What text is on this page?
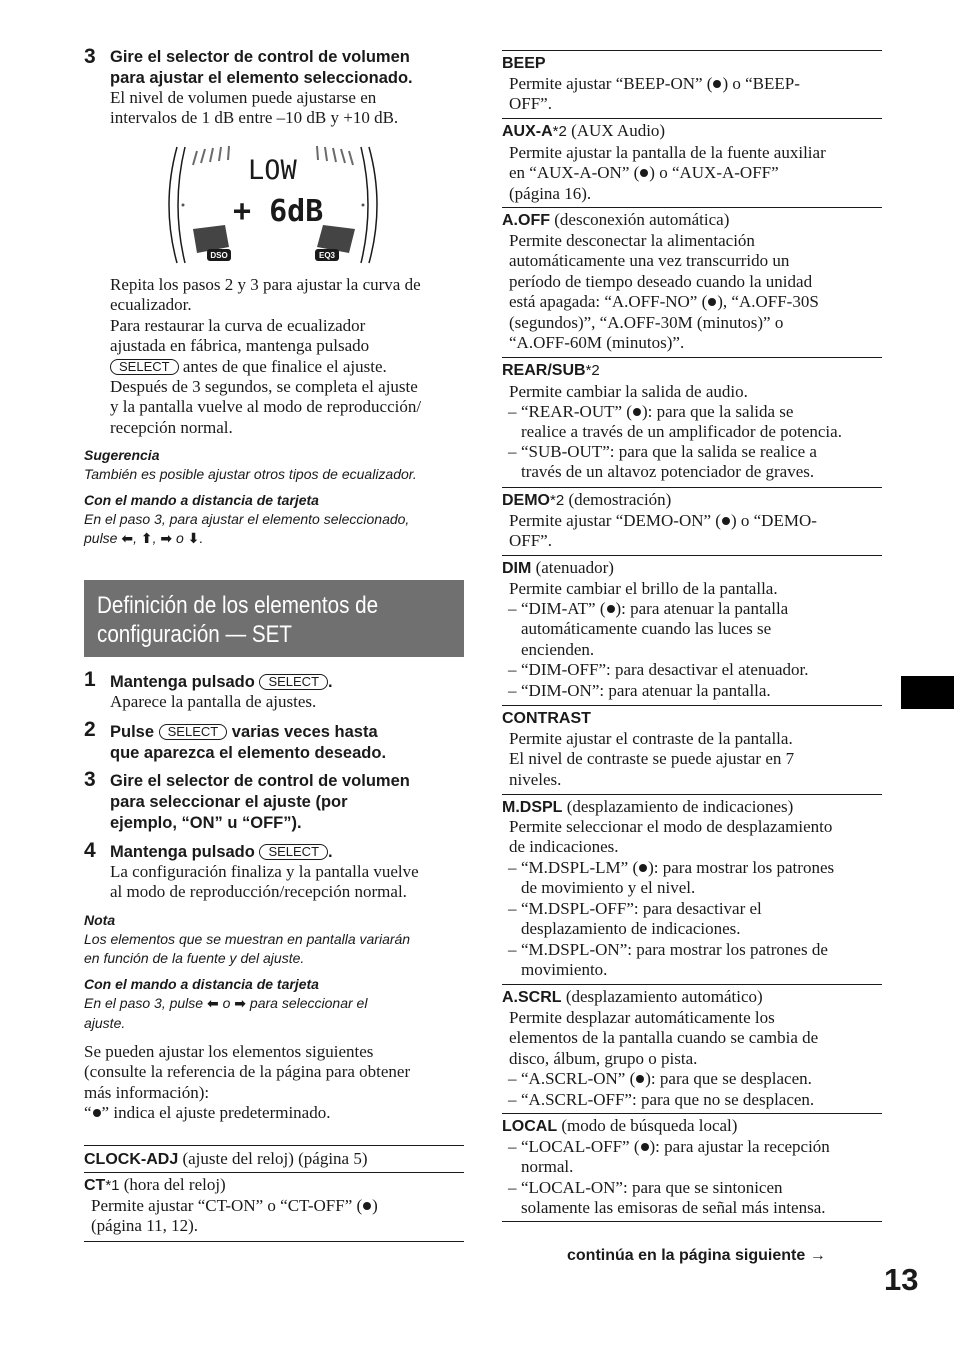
3 Gire el selector de control de volumen
para ajustar el elemento seleccionado.
El nivel de volumen puede ajustarse en
intervalos de 1 dB entre –10 dB y +10 dB.
LOW
+ 6dB
DSO	EQ3
Repita los pasos 2 y 3 para ajustar la curva de
ecualizador.
Para restaurar la curva de ecualizador
ajustada en fábrica, mantenga pulsado
SELECT antes de que finalice el ajuste.
Después de 3 segundos, se completa el ajuste
y la pantalla vuelve al modo de reproducción/
recepción normal.
Sugerencia
También es posible ajustar otros tipos de ecualizador.
Con el mando a distancia de tarjeta
En el paso 3, para ajustar el elemento seleccionado,
pulse ⬅, ⬆, ➡ o ⬇.
Definición de los elementos de
configuración — SET
1 Mantenga pulsado SELECT .
Aparece la pantalla de ajustes.
2 Pulse SELECT varias veces hasta
que aparezca el elemento deseado.
3 Gire el selector de control de volumen
para seleccionar el ajuste (por
ejemplo, “ON” u “OFF”).
4 Mantenga pulsado SELECT .
La configuración finaliza y la pantalla vuelve
al modo de reproducción/recepción normal.
Nota
Los elementos que se muestran en pantalla variarán
en función de la fuente y del ajuste.
Con el mando a distancia de tarjeta
En el paso 3, pulse ⬅ o ➡ para seleccionar el
ajuste.
Se pueden ajustar los elementos siguientes
(consulte la referencia de la página para obtener
más información):
“ ” indica el ajuste predeterminado.
CLOCK-ADJ (ajuste del reloj) (página 5)
CT*1 (hora del reloj)
Permite ajustar “CT-ON” o “CT-OFF” ( )
(página 11, 12).
BEEP
Permite ajustar “BEEP-ON” ( ) o “BEEP-
OFF”.
AUX-A*2 (AUX Audio)
Permite ajustar la pantalla de la fuente auxiliar
en “AUX-A-ON” ( ) o “AUX-A-OFF”
(página 16).
A.OFF (desconexión automática)
Permite desconectar la alimentación
automáticamente una vez transcurrido un
período de tiempo deseado cuando la unidad
está apagada: “A.OFF-NO” ( ), “A.OFF-30S
(segundos)”, “A.OFF-30M (minutos)” o
“A.OFF-60M (minutos)”.
REAR/SUB*2
Permite cambiar la salida de audio.
– “REAR-OUT” ( ): para que la salida se
realice a través de un amplificador de potencia.
– “SUB-OUT”: para que la salida se realice a
través de un altavoz potenciador de graves.
DEMO*2 (demostración)
Permite ajustar “DEMO-ON” ( ) o “DEMO-
OFF”.
DIM (atenuador)
Permite cambiar el brillo de la pantalla.
– “DIM-AT” ( ): para atenuar la pantalla
automáticamente cuando las luces se
encienden.
– “DIM-OFF”: para desactivar el atenuador.
– “DIM-ON”: para atenuar la pantalla.
CONTRAST
Permite ajustar el contraste de la pantalla.
El nivel de contraste se puede ajustar en 7
niveles.
M.DSPL (desplazamiento de indicaciones)
Permite seleccionar el modo de desplazamiento
de indicaciones.
– “M.DSPL-LM” ( ): para mostrar los patrones
de movimiento y el nivel.
– “M.DSPL-OFF”: para desactivar el
desplazamiento de indicaciones.
– “M.DSPL-ON”: para mostrar los patrones de
movimiento.
A.SCRL (desplazamiento automático)
Permite desplazar automáticamente los
elementos de la pantalla cuando se cambia de
disco, álbum, grupo o pista.
– “A.SCRL-ON” ( ): para que se desplacen.
– “A.SCRL-OFF”: para que no se desplacen.
LOCAL (modo de búsqueda local)
– “LOCAL-OFF” ( ): para ajustar la recepción
normal.
– “LOCAL-ON”: para que se sintonicen
solamente las emisoras de señal más intensa.
continúa en la página siguiente →
13
